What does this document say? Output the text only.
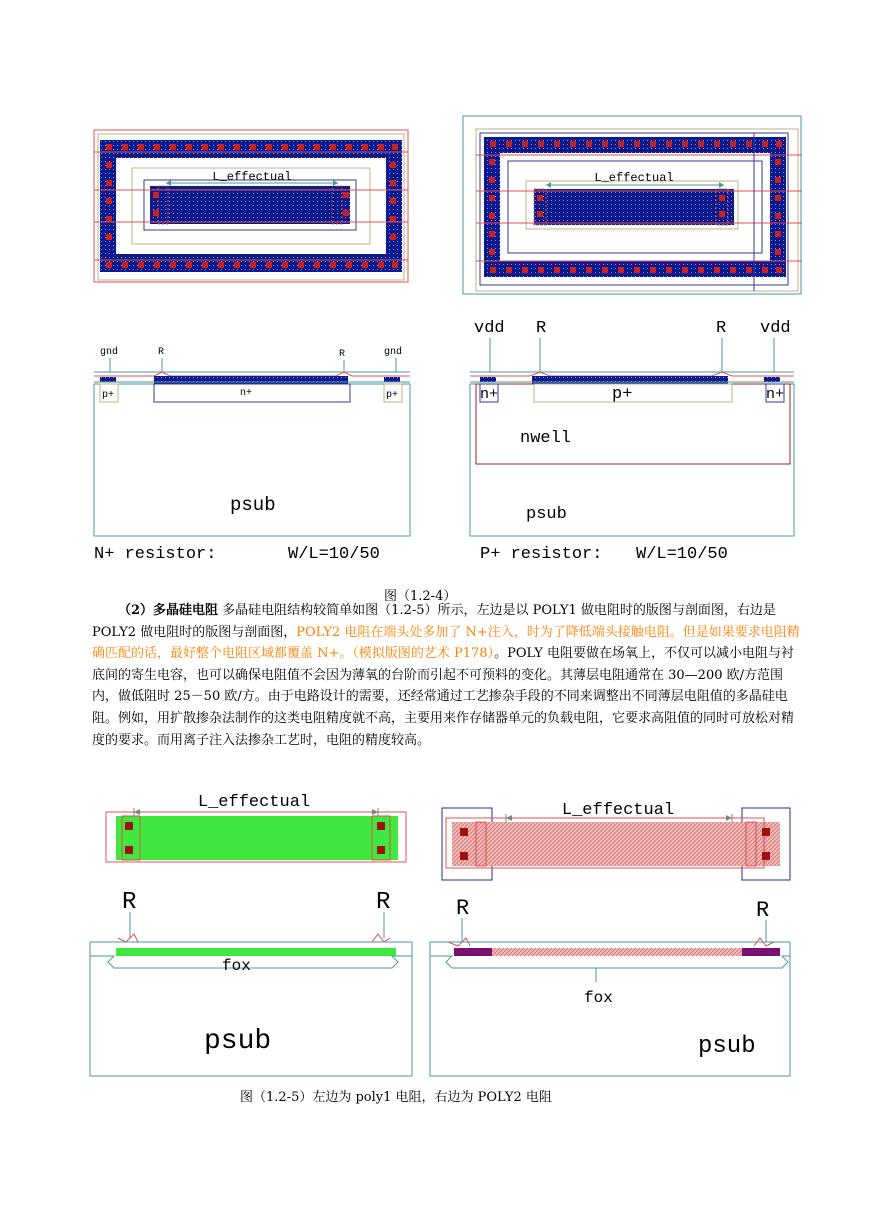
L_effectual	L_effectual
gnd	R	R	gnd
p+	n+	p+
psub
N+ resistor:	W/L=10/50
vdd R	R vdd
n+	p+	n+
nwell
psub
P+ resistor: W/L=10/50
图（1.2-4）
（2）多晶硅电阻 多晶硅电阻结构较简单如图（1.2-5）所示，左边是以 POLY1 做电阻时的版图与剖面图，右边是 POLY2 做电阻时的版图与剖面图，POLY2 电阻在端头处多加了 N+注入，时为了降低端头接触电阻。但是如果要求电阻精确匹配的话，最好整个电阻区域都覆盖 N+。（模拟版图的艺术 P178）。POLY 电阻要做在场氧上，不仅可以减小电阻与衬底间的寄生电容，也可以确保电阻值不会因为薄氧的台阶而引起不可预料的变化。其薄层电阻通常在 30—200 欧/方范围内，做低阻时 25－50 欧/方。由于电路设计的需要，还经常通过工艺掺杂手段的不同来调整出不同薄层电阻值的多晶硅电阻。例如，用扩散掺杂法制作的这类电阻精度就不高，主要用来作存储器单元的负载电阻，它要求高阻值的同时可放松对精度的要求。而用离子注入法掺杂工艺时，电阻的精度较高。
L_effectual
R	R
fox
psub
L_effectual
R	R
fox
psub
图（1.2-5）左边为 poly1 电阻，右边为 POLY2 电阻
